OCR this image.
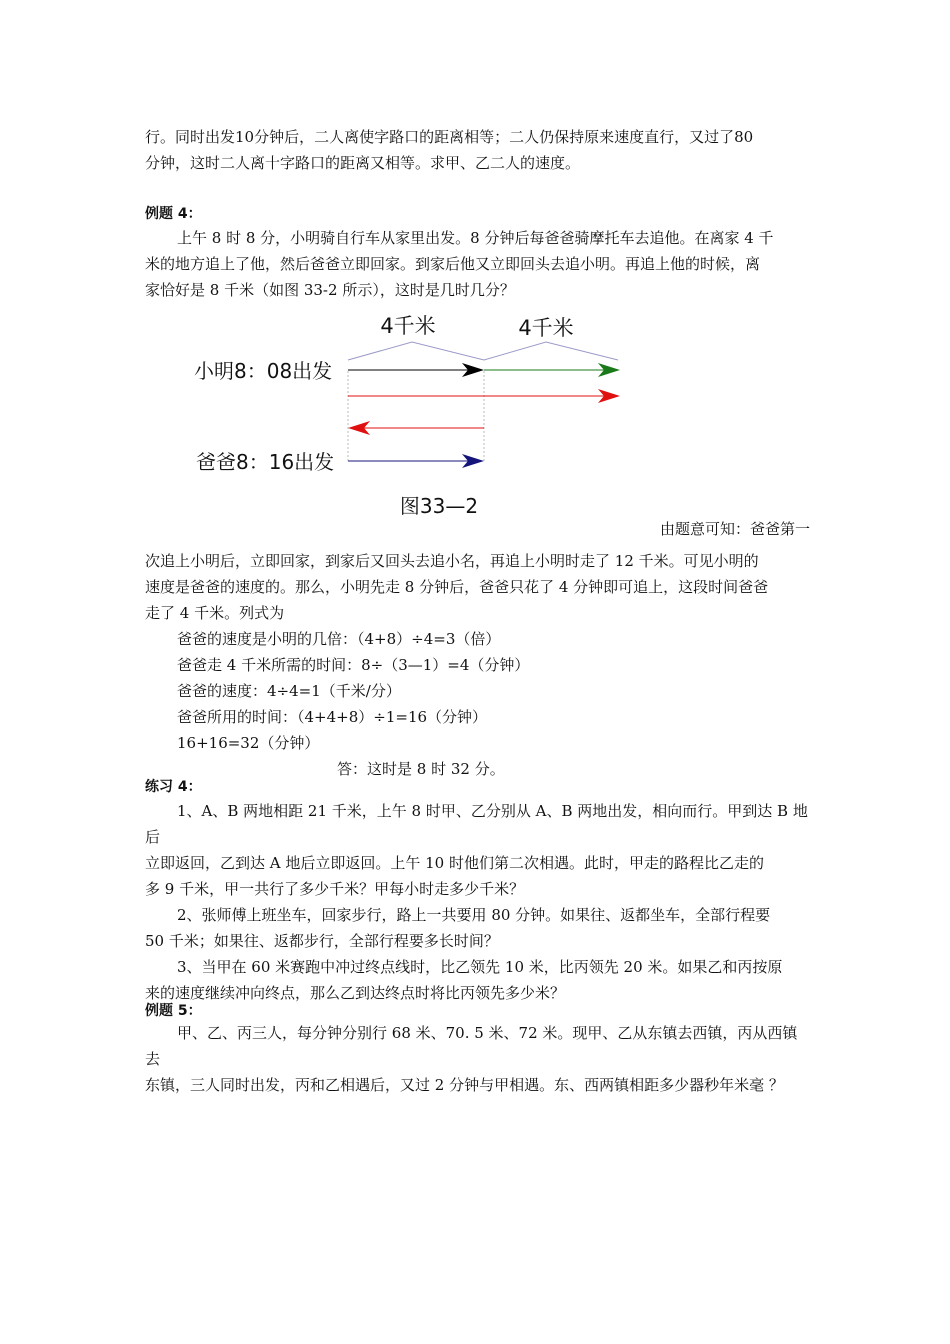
行。同时出发10分钟后，二人离使字路口的距离相等；二人仍保持原来速度直行，又过了80
分钟，这时二人离十字路口的距离又相等。求甲、乙二人的速度。
例题 4：
上午 8 时 8 分，小明骑自行车从家里出发。8 分钟后每爸爸骑摩托车去追他。在离家 4 千
米的地方追上了他，然后爸爸立即回家。到家后他又立即回头去追小明。再追上他的时候，离
家恰好是 8 千米（如图 33-2 所示），这时是几时几分？
4千米	4千米
小明8：08出发
爸爸8：16出发
图33—2
由题意可知：爸爸第一
次追上小明后，立即回家，到家后又回头去追小名，再追上小明时走了 12 千米。可见小明的
速度是爸爸的速度的。那么，小明先走 8 分钟后，爸爸只花了 4 分钟即可追上，这段时间爸爸
走了 4 千米。列式为
爸爸的速度是小明的几倍：（4+8）÷4=3（倍）
爸爸走 4 千米所需的时间：8÷（3—1）=4（分钟）
爸爸的速度：4÷4=1（千米/分）
爸爸所用的时间：（4+4+8）÷1=16（分钟）
16+16=32（分钟）
答：这时是 8 时 32 分。
练习 4：
1、A、B 两地相距 21 千米，上午 8 时甲、乙分别从 A、B 两地出发，相向而行。甲到达 B 地后
立即返回，乙到达 A 地后立即返回。上午 10 时他们第二次相遇。此时，甲走的路程比乙走的
多 9 千米，甲一共行了多少千米？甲每小时走多少千米？
2、张师傅上班坐车，回家步行，路上一共要用 80 分钟。如果往、返都坐车，全部行程要
50 千米；如果往、返都步行，全部行程要多长时间？
3、当甲在 60 米赛跑中冲过终点线时，比乙领先 10 米，比丙领先 20 米。如果乙和丙按原
来的速度继续冲向终点，那么乙到达终点时将比丙领先多少米？
例题 5：
甲、乙、丙三人，每分钟分别行 68 米、70. 5 米、72 米。现甲、乙从东镇去西镇，丙从西镇去
东镇，三人同时出发，丙和乙相遇后，又过 2 分钟与甲相遇。东、西两镇相距多少器秒年米毫 ？
